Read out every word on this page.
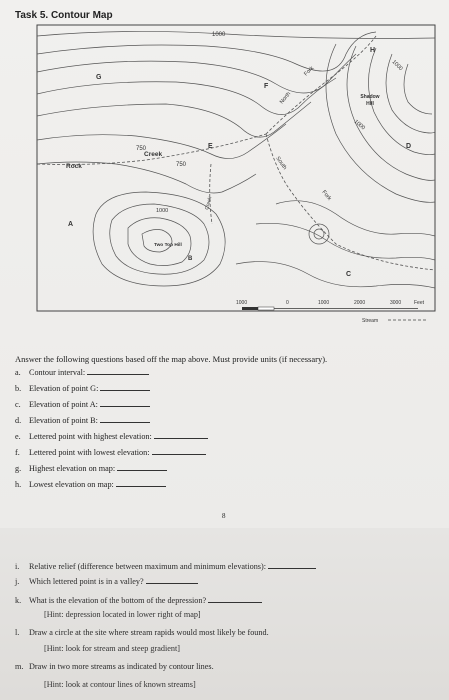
Task 5. Contour Map
1000
750
750
1000
1000
1000
G
F
H
D
E
A
B
C
Rock
Creek
North
Fork
South
Fork
Shadow
Hill
Two Top Hill
Creek
1000	0	1000	2000	3000	Feet
Stream
Answer the following questions based off the map above. Must provide units (if necessary).
a. Contour interval:
b. Elevation of point G:
c. Elevation of point A:
d. Elevation of point B:
e. Lettered point with highest elevation:
f. Lettered point with lowest elevation:
g. Highest elevation on map:
h. Lowest elevation on map:
8
i. Relative relief (difference between maximum and minimum elevations):
j. Which lettered point is in a valley?
k. What is the elevation of the bottom of the depression?
[Hint: depression located in lower right of map]
l. Draw a circle at the site where stream rapids would most likely be found.
[Hint: look for stream and steep gradient]
m. Draw in two more streams as indicated by contour lines.
[Hint: look at contour lines of known streams]
